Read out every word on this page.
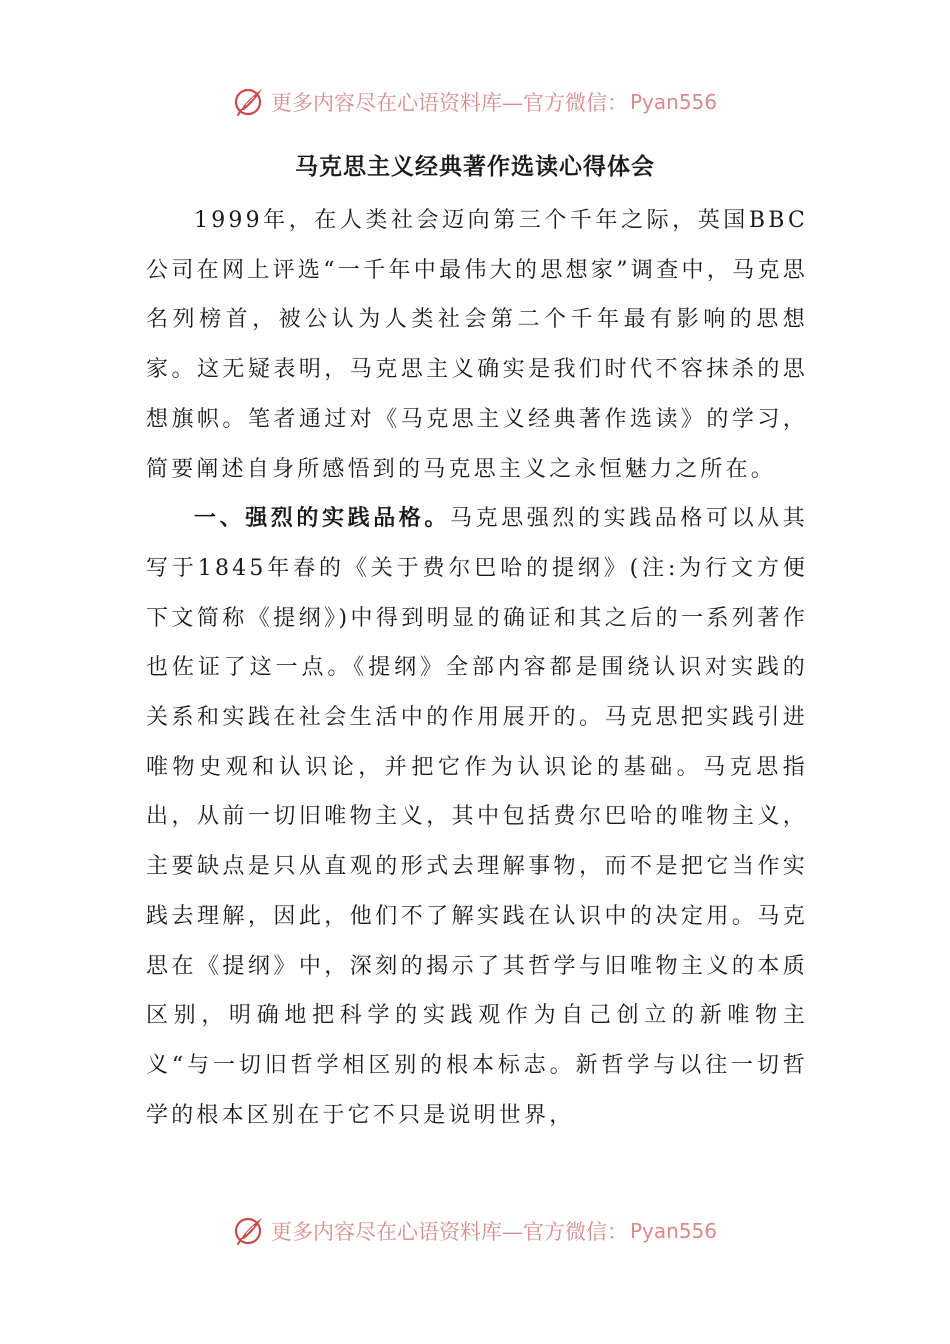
更多内容尽在心语资料库—官方微信： Pyan556
马克思主义经典著作选读心得体会

1999年，在人类社会迈向第三个千年之际，英国BBC公司在网上评选“一千年中最伟大的思想家”调查中，马克思名列榜首，被公认为人类社会第二个千年最有影响的思想家。这无疑表明，马克思主义确实是我们时代不容抹杀的思想旗帜。笔者通过对《马克思主义经典著作选读》的学习，简要阐述自身所感悟到的马克思主义之永恒魅力之所在。

一、强烈的实践品格。马克思强烈的实践品格可以从其写于1845年春的《关于费尔巴哈的提纲》(注:为行文方便下文简称《提纲》)中得到明显的确证和其之后的一系列著作也佐证了这一点。《提纲》全部内容都是围绕认识对实践的关系和实践在社会生活中的作用展开的。马克思把实践引进唯物史观和认识论，并把它作为认识论的基础。马克思指出，从前一切旧唯物主义，其中包括费尔巴哈的唯物主义，主要缺点是只从直观的形式去理解事物，而不是把它当作实践去理解，因此，他们不了解实践在认识中的决定用。马克思在《提纲》中，深刻的揭示了其哲学与旧唯物主义的本质区别，明确地把科学的实践观作为自己创立的新唯物主义“与一切旧哲学相区别的根本标志。新哲学与以往一切哲学的根本区别在于它不只是说明世界，

更多内容尽在心语资料库—官方微信： Pyan556
